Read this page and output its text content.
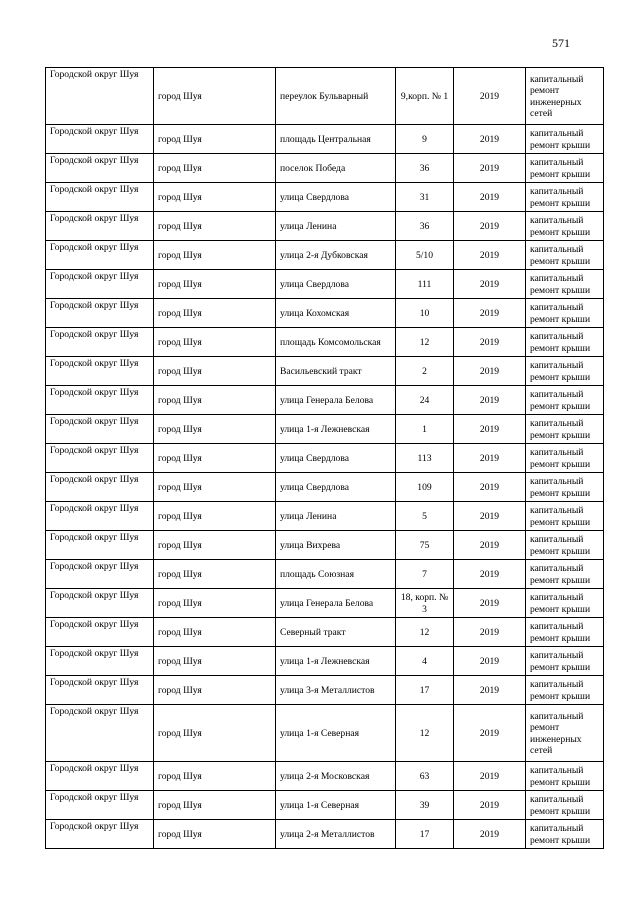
571
Городской округ Шуя	город Шуя	переулок Бульварный	9,корп. № 1	2019	капитальный ремонт инженерных сетей
Городской округ Шуя	город Шуя	площадь Центральная	9	2019	капитальный ремонт крыши
Городской округ Шуя	город Шуя	поселок Победа	36	2019	капитальный ремонт крыши
Городской округ Шуя	город Шуя	улица Свердлова	31	2019	капитальный ремонт крыши
Городской округ Шуя	город Шуя	улица Ленина	36	2019	капитальный ремонт крыши
Городской округ Шуя	город Шуя	улица 2-я Дубковская	5/10	2019	капитальный ремонт крыши
Городской округ Шуя	город Шуя	улица Свердлова	111	2019	капитальный ремонт крыши
Городской округ Шуя	город Шуя	улица Кохомская	10	2019	капитальный ремонт крыши
Городской округ Шуя	город Шуя	площадь Комсомольская	12	2019	капитальный ремонт крыши
Городской округ Шуя	город Шуя	Васильевский тракт	2	2019	капитальный ремонт крыши
Городской округ Шуя	город Шуя	улица Генерала Белова	24	2019	капитальный ремонт крыши
Городской округ Шуя	город Шуя	улица 1-я Лежневская	1	2019	капитальный ремонт крыши
Городской округ Шуя	город Шуя	улица Свердлова	113	2019	капитальный ремонт крыши
Городской округ Шуя	город Шуя	улица Свердлова	109	2019	капитальный ремонт крыши
Городской округ Шуя	город Шуя	улица Ленина	5	2019	капитальный ремонт крыши
Городской округ Шуя	город Шуя	улица Вихрева	75	2019	капитальный ремонт крыши
Городской округ Шуя	город Шуя	площадь Союзная	7	2019	капитальный ремонт крыши
Городской округ Шуя	город Шуя	улица Генерала Белова	18, корп. № 3	2019	капитальный ремонт крыши
Городской округ Шуя	город Шуя	Северный тракт	12	2019	капитальный ремонт крыши
Городской округ Шуя	город Шуя	улица 1-я Лежневская	4	2019	капитальный ремонт крыши
Городской округ Шуя	город Шуя	улица 3-я Металлистов	17	2019	капитальный ремонт крыши
Городской округ Шуя	город Шуя	улица 1-я Северная	12	2019	капитальный ремонт инженерных сетей
Городской округ Шуя	город Шуя	улица 2-я Московская	63	2019	капитальный ремонт крыши
Городской округ Шуя	город Шуя	улица 1-я Северная	39	2019	капитальный ремонт крыши
Городской округ Шуя	город Шуя	улица 2-я Металлистов	17	2019	капитальный ремонт крыши
